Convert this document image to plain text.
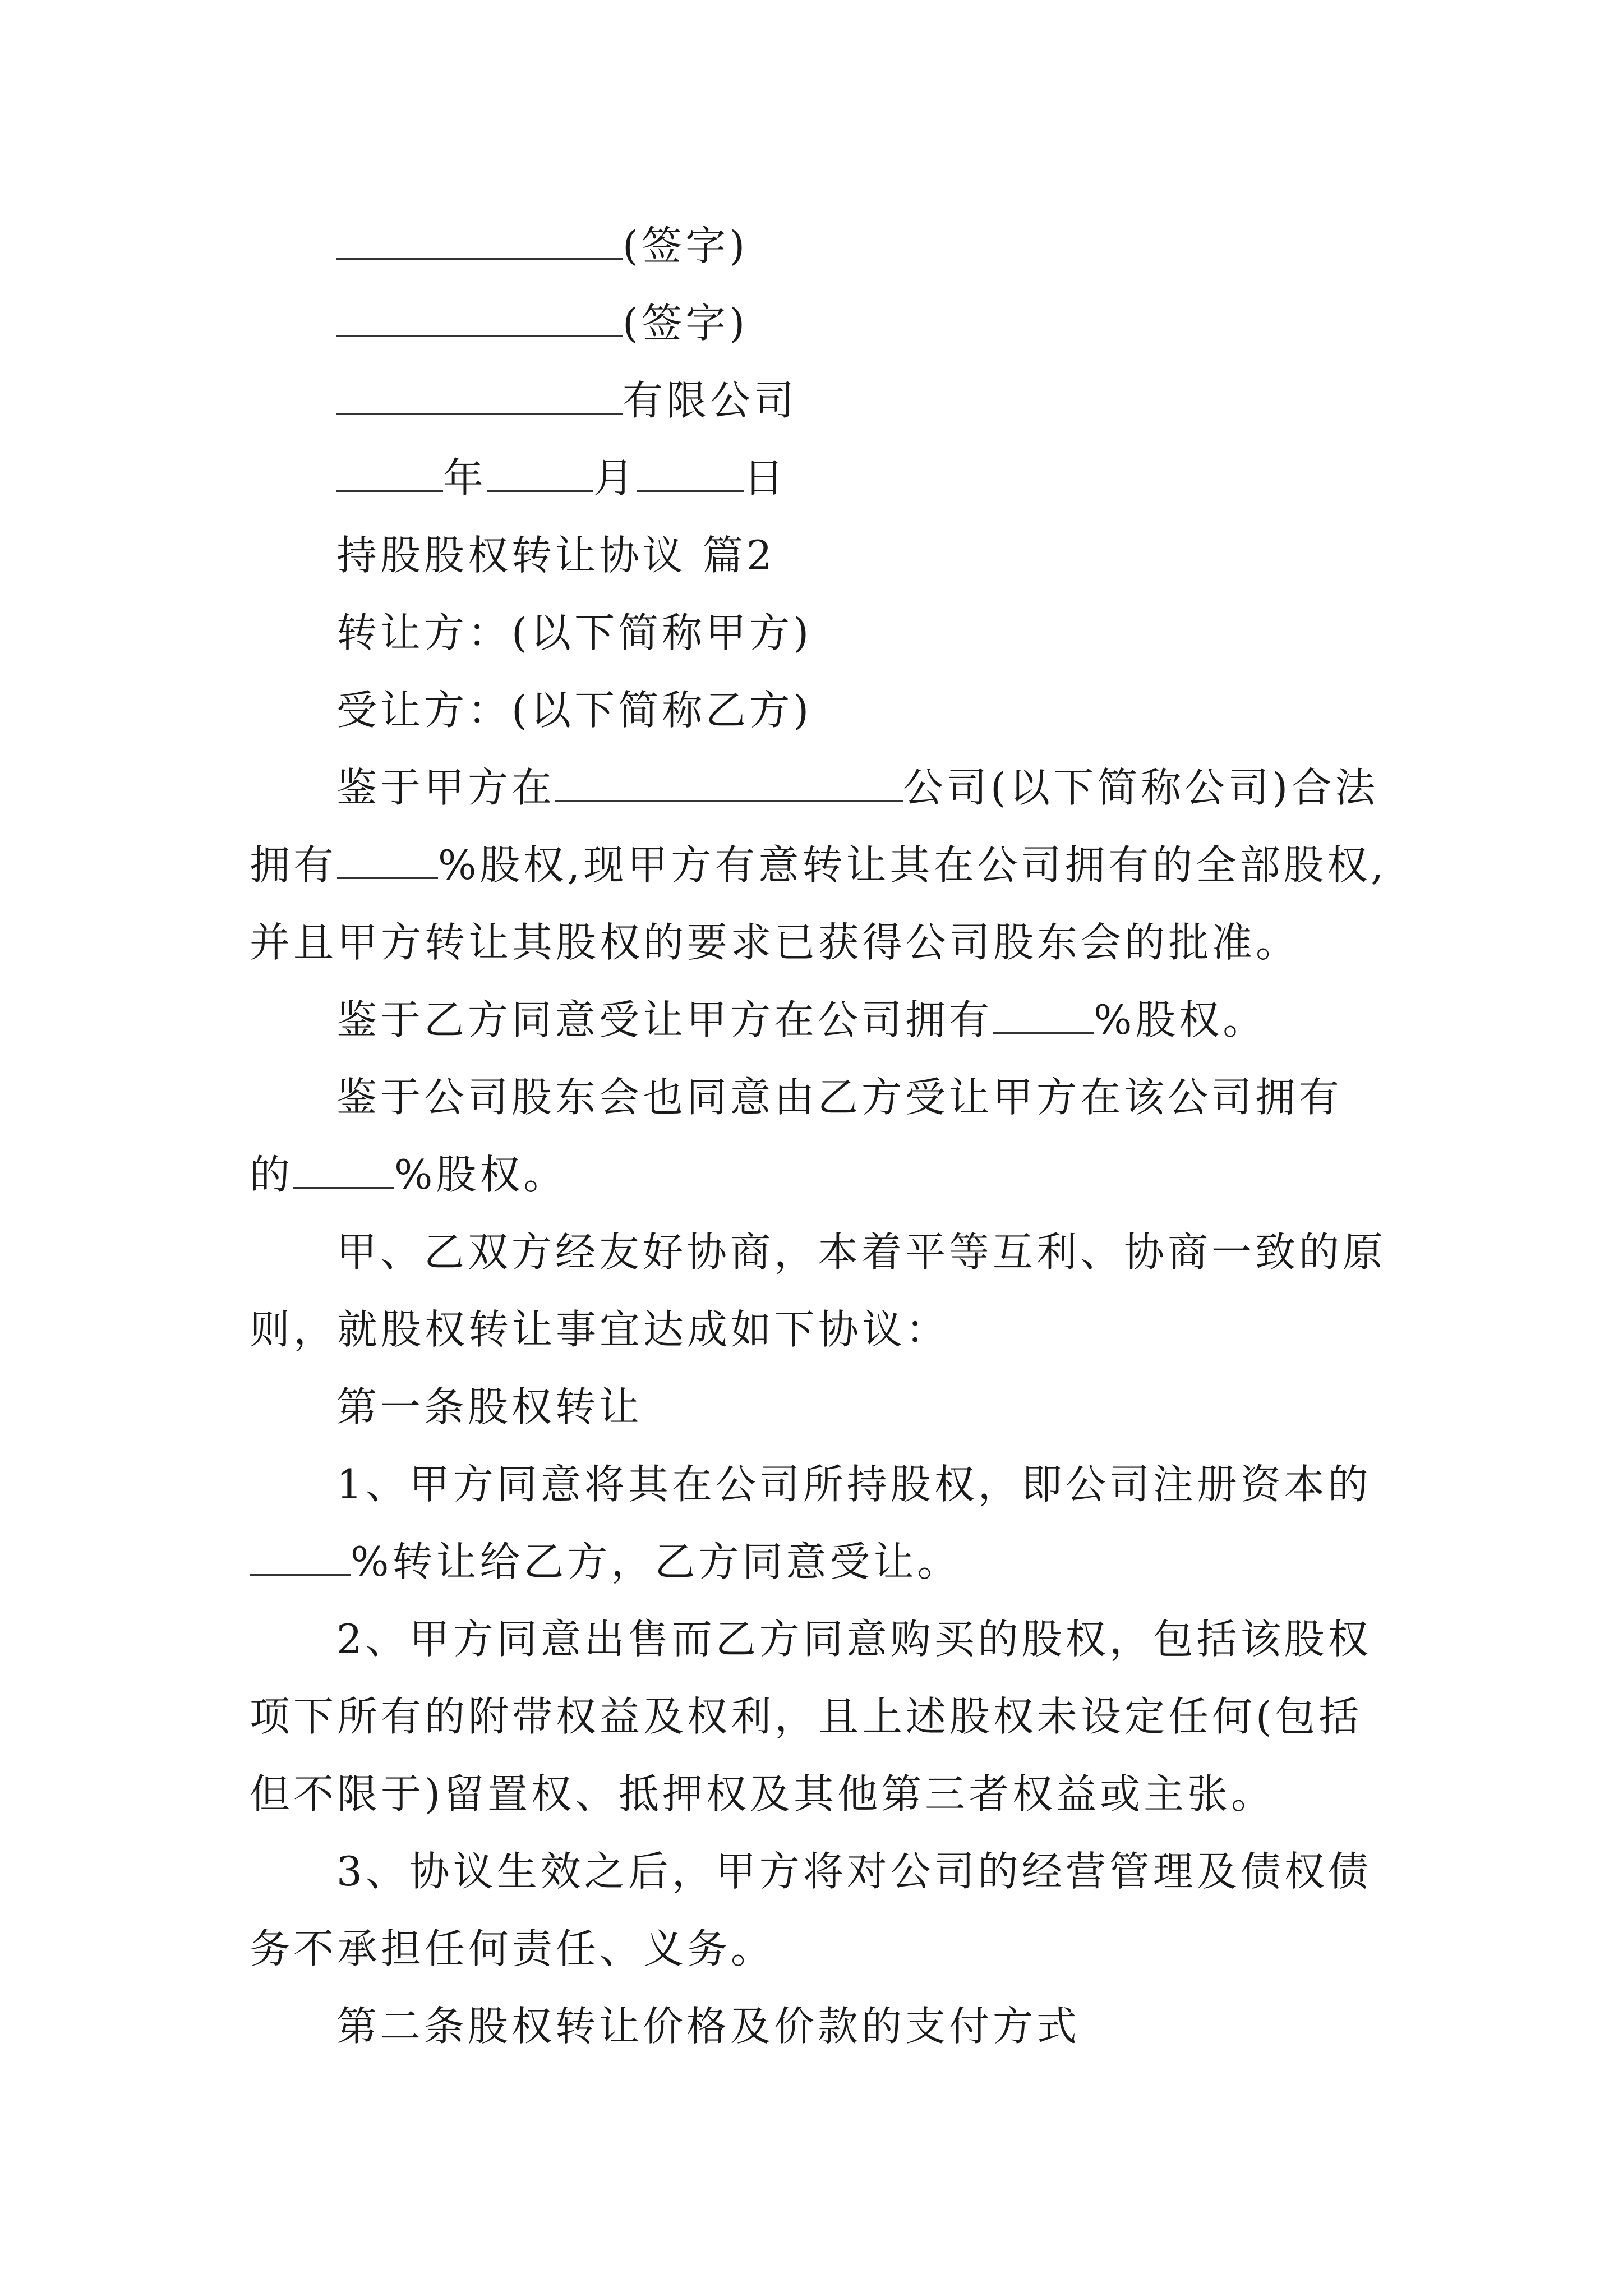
(签字)
(签字)
有限公司
年	月	日
持股股权转让协议 篇2
转让方：(以下简称甲方)
受让方：(以下简称乙方)
鉴于甲方在	公司(以下简称公司)合法
拥有	%股权,现甲方有意转让其在公司拥有的全部股权,
并且甲方转让其股权的要求已获得公司股东会的批准。
鉴于乙方同意受让甲方在公司拥有	%股权。
鉴于公司股东会也同意由乙方受让甲方在该公司拥有
的	%股权。
甲、乙双方经友好协商，本着平等互利、协商一致的原
则，就股权转让事宜达成如下协议：
第一条股权转让
1、甲方同意将其在公司所持股权，即公司注册资本的
%转让给乙方，乙方同意受让。
2、甲方同意出售而乙方同意购买的股权，包括该股权
项下所有的附带权益及权利，且上述股权未设定任何(包括
但不限于)留置权、抵押权及其他第三者权益或主张。
3、协议生效之后，甲方将对公司的经营管理及债权债
务不承担任何责任、义务。
第二条股权转让价格及价款的支付方式
